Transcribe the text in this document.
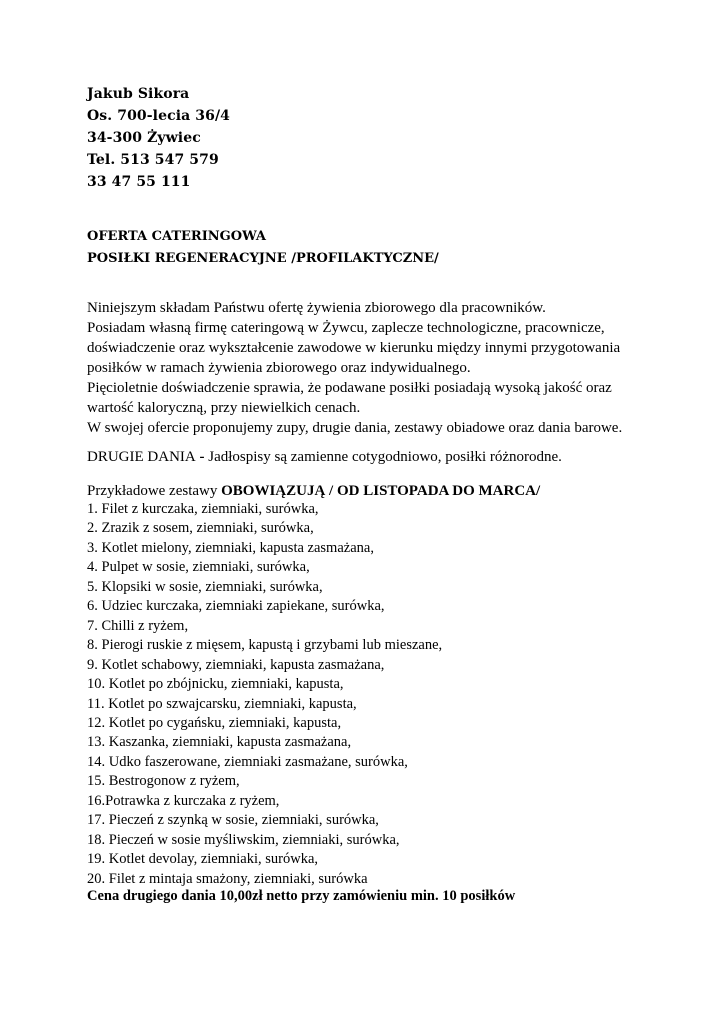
Jakub Sikora
Os. 700-lecia 36/4
34-300 Żywiec
Tel. 513 547 579
33 47 55 111
OFERTA CATERINGOWA
POSIŁKI REGENERACYJNE /PROFILAKTYCZNE/
Niniejszym składam Państwu ofertę żywienia zbiorowego dla pracowników.
Posiadam własną firmę cateringową w Żywcu, zaplecze technologiczne, pracownicze,
doświadczenie oraz wykształcenie zawodowe w kierunku między innymi przygotowania
posiłków w ramach żywienia zbiorowego oraz indywidualnego.
Pięcioletnie doświadczenie sprawia, że podawane posiłki posiadają wysoką jakość oraz
wartość kaloryczną, przy niewielkich cenach.
W swojej ofercie proponujemy zupy, drugie dania, zestawy obiadowe oraz dania barowe.
DRUGIE DANIA - Jadłospisy są zamienne cotygodniowo, posiłki różnorodne.
Przykładowe zestawy OBOWIĄZUJĄ / OD LISTOPADA DO MARCA/
1. Filet z kurczaka, ziemniaki, surówka,
2. Zrazik z sosem, ziemniaki, surówka,
3. Kotlet mielony, ziemniaki, kapusta zasmażana,
4. Pulpet w sosie, ziemniaki, surówka,
5. Klopsiki w sosie, ziemniaki, surówka,
6. Udziec kurczaka, ziemniaki zapiekane, surówka,
7. Chilli z ryżem,
8. Pierogi ruskie z mięsem, kapustą i grzybami lub mieszane,
9. Kotlet schabowy, ziemniaki, kapusta zasmażana,
10. Kotlet po zbójnicku, ziemniaki, kapusta,
11. Kotlet po szwajcarsku, ziemniaki, kapusta,
12. Kotlet po cygańsku, ziemniaki, kapusta,
13. Kaszanka, ziemniaki, kapusta zasmażana,
14. Udko faszerowane, ziemniaki zasmażane, surówka,
15. Bestrogonow z ryżem,
16.Potrawka z kurczaka z ryżem,
17. Pieczeń z szynką w sosie, ziemniaki, surówka,
18. Pieczeń w sosie myśliwskim, ziemniaki, surówka,
19. Kotlet devolay, ziemniaki, surówka,
20. Filet z mintaja smażony, ziemniaki, surówka
Cena drugiego dania 10,00zł netto przy zamówieniu min. 10 posiłków
